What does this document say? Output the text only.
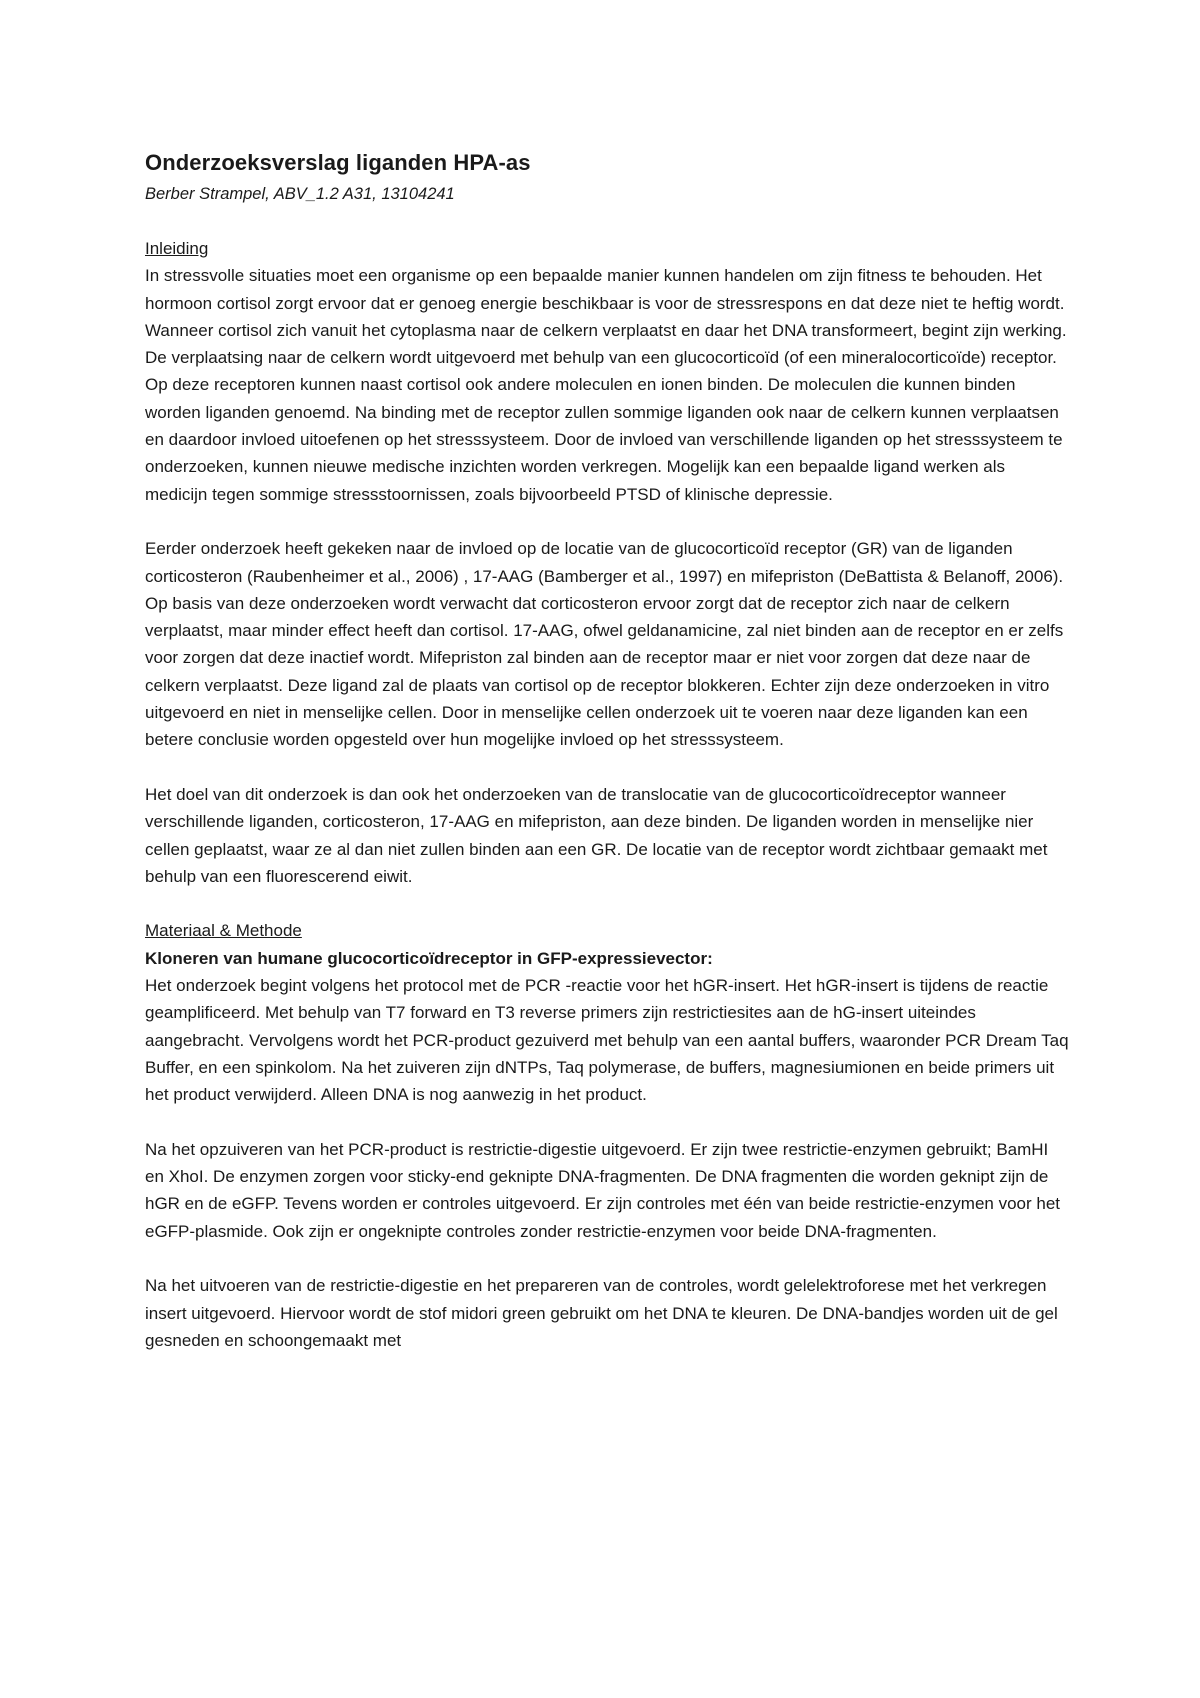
Onderzoeksverslag liganden HPA-as
Berber Strampel, ABV_1.2 A31, 13104241
Inleiding

In stressvolle situaties moet een organisme op een bepaalde manier kunnen handelen om zijn fitness te behouden. Het hormoon cortisol zorgt ervoor dat er genoeg energie beschikbaar is voor de stressrespons en dat deze niet te heftig wordt. Wanneer cortisol zich vanuit het cytoplasma naar de celkern verplaatst en daar het DNA transformeert, begint zijn werking. De verplaatsing naar de celkern wordt uitgevoerd met behulp van een glucocorticoïd (of een mineralocorticoïde) receptor. Op deze receptoren kunnen naast cortisol ook andere moleculen en ionen binden. De moleculen die kunnen binden worden liganden genoemd. Na binding met de receptor zullen sommige liganden ook naar de celkern kunnen verplaatsen en daardoor invloed uitoefenen op het stresssysteem. Door de invloed van verschillende liganden op het stresssysteem te onderzoeken, kunnen nieuwe medische inzichten worden verkregen. Mogelijk kan een bepaalde ligand werken als medicijn tegen sommige stressstoornissen, zoals bijvoorbeeld PTSD of klinische depressie.

Eerder onderzoek heeft gekeken naar de invloed op de locatie van de glucocorticoïd receptor (GR) van de liganden corticosteron (Raubenheimer et al., 2006) , 17-AAG (Bamberger et al., 1997) en mifepriston (DeBattista & Belanoff, 2006). Op basis van deze onderzoeken wordt verwacht dat corticosteron ervoor zorgt dat de receptor zich naar de celkern verplaatst, maar minder effect heeft dan cortisol. 17-AAG, ofwel geldanamicine, zal niet binden aan de receptor en er zelfs voor zorgen dat deze inactief wordt. Mifepriston zal binden aan de receptor maar er niet voor zorgen dat deze naar de celkern verplaatst. Deze ligand zal de plaats van cortisol op de receptor blokkeren. Echter zijn deze onderzoeken in vitro uitgevoerd en niet in menselijke cellen. Door in menselijke cellen onderzoek uit te voeren naar deze liganden kan een betere conclusie worden opgesteld over hun mogelijke invloed op het stresssysteem.

Het doel van dit onderzoek is dan ook het onderzoeken van de translocatie van de glucocorticoïdreceptor wanneer verschillende liganden, corticosteron, 17-AAG en mifepriston, aan deze binden. De liganden worden in menselijke nier cellen geplaatst, waar ze al dan niet zullen binden aan een GR. De locatie van de receptor wordt zichtbaar gemaakt met behulp van een fluorescerend eiwit.

Materiaal & Methode
Kloneren van humane glucocorticoïdreceptor in GFP-expressievector:

Het onderzoek begint volgens het protocol met de PCR -reactie voor het hGR-insert. Het hGR-insert is tijdens de reactie geamplificeerd. Met behulp van T7 forward en T3 reverse primers zijn restrictiesites aan de hG-insert uiteindes aangebracht. Vervolgens wordt het PCR-product gezuiverd met behulp van een aantal buffers, waaronder PCR Dream Taq Buffer, en een spinkolom. Na het zuiveren zijn dNTPs, Taq polymerase, de buffers, magnesiumionen en beide primers uit het product verwijderd. Alleen DNA is nog aanwezig in het product.

Na het opzuiveren van het PCR-product is restrictie-digestie uitgevoerd. Er zijn twee restrictie-enzymen gebruikt; BamHI en XhoI. De enzymen zorgen voor sticky-end geknipte DNA-fragmenten. De DNA fragmenten die worden geknipt zijn de hGR en de eGFP. Tevens worden er controles uitgevoerd. Er zijn controles met één van beide restrictie-enzymen voor het eGFP-plasmide. Ook zijn er ongeknipte controles zonder restrictie-enzymen voor beide DNA-fragmenten.

Na het uitvoeren van de restrictie-digestie en het prepareren van de controles, wordt gelelektroforese met het verkregen insert uitgevoerd. Hiervoor wordt de stof midori green gebruikt om het DNA te kleuren. De DNA-bandjes worden uit de gel gesneden en schoongemaakt met
